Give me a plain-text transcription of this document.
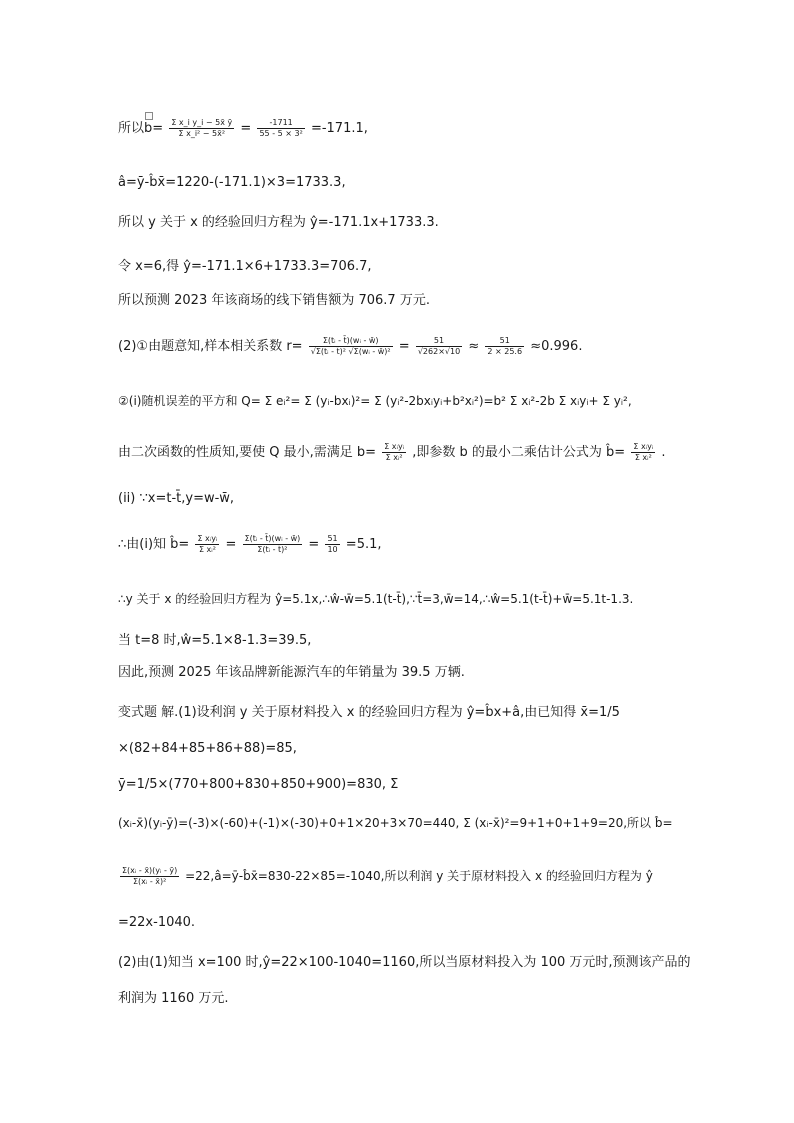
所以$b= \frac{\text{Σ x\_i y\_i − 5x̄ ȳ}}{\text{Σ x\_i² − 5x̄²}} = \frac{-1711}{\text{55 - 5 × 3²}} =-171.1$,
â=ȳ-b̂x̄=1220-(-171.1)×3=1733.3,
所以 y 关于 x 的经验回归方程为 ŷ=-171.1x+1733.3.
令 x=6,得 ŷ=-171.1×6+1733.3=706.7,
所以预测 2023 年该商场的线下销售额为 706.7 万元.
(2)①由题意知,样本相关系数 $r= \frac{\text{Σ(tᵢ - t̄)(wᵢ - w̄)}}{\text{√Σ(tᵢ - t̄)² √Σ(wᵢ - w̄)²}} = \frac{51}{√262\times√10} \approx \frac{51}{2 \times 25.6} \approx 0.996$.
②(i)随机误差的平方和 Q= Σ eᵢ²= Σ (yᵢ-bxᵢ)²= Σ (yᵢ²-2bxᵢyᵢ+b²xᵢ²)=b² Σ xᵢ²-2b Σ xᵢyᵢ+ Σ yᵢ²,
由二次函数的性质知,要使 Q 最小,需满足 $b= \frac{\text{Σ xᵢyᵢ}}{\text{Σ xᵢ²}}$ ,即参数 b 的最小二乘估计公式为 b̂= $\frac{\text{Σ xᵢyᵢ}}{\text{Σ xᵢ²}}$ .
(ii) ∵x=t-t̄,y=w-w̄,
∴由(i)知 b̂= $\frac{\text{Σ xᵢyᵢ}}{\text{Σ xᵢ²}} = \frac{\text{Σ(tᵢ - t̄)(wᵢ - w̄)}}{\text{Σ(tᵢ - t̄)²}} = \frac{51}{10} =5.1$,
∴y 关于 x 的经验回归方程为 ŷ=5.1x,∴ŵ-w̄=5.1(t-t̄),∵t̄=3,w̄=14,∴ŵ=5.1(t-t̄)+w̄=5.1t-1.3.
当 t=8 时,ŵ=5.1×8-1.3=39.5,
因此,预测 2025 年该品牌新能源汽车的年销量为 39.5 万辆.
变式题 解.(1)设利润 y 关于原材料投入 x 的经验回归方程为 ŷ=b̂x+â,由已知得 x̄=1/5
×(82+84+85+86+88)=85,
ȳ=1/5×(770+800+830+850+900)=830, Σ
(xᵢ-x̄)(yᵢ-ȳ)=(-3)×(-60)+(-1)×(-30)+0+1×20+3×70=440, Σ (xᵢ-x̄)²=9+1+0+1+9=20,所以 b̂=
$\frac{\text{Σ(xᵢ - x̄)(yᵢ - ȳ)}}{\text{Σ(xᵢ - x̄)²}}$ =22,â=ȳ-b̂x̄=830-22×85=-1040,所以利润 y 关于原材料投入 x 的经验回归方程为 ŷ
=22x-1040.
(2)由(1)知当 x=100 时,ŷ=22×100-1040=1160,所以当原材料投入为 100 万元时,预测该产品的
利润为 1160 万元.
